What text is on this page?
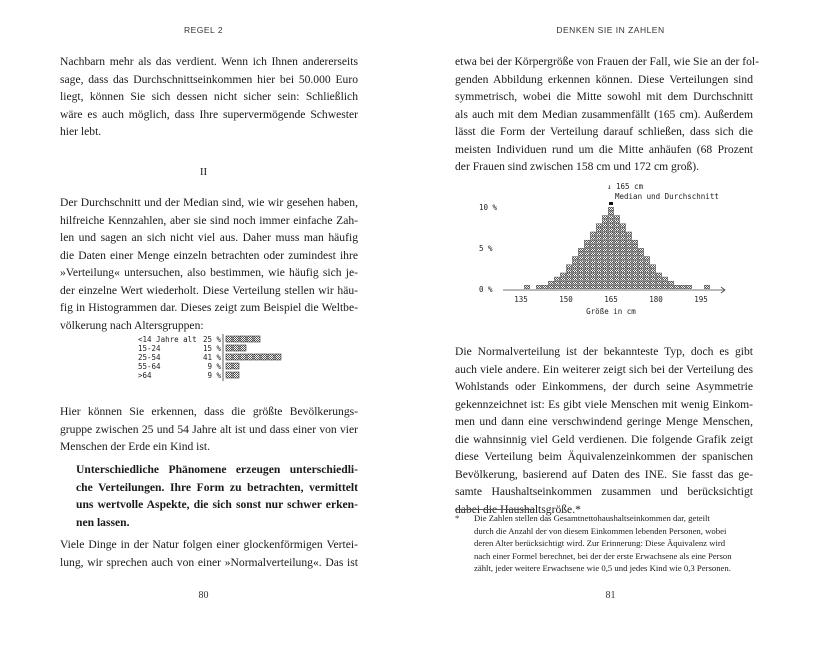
REGEL 2
Nachbarn mehr als das verdient. Wenn ich Ihnen andererseits
sage, dass das Durchschnittseinkommen hier bei 50.000 Euro
liegt, können Sie sich dessen nicht sicher sein: Schließlich
wäre es auch möglich, dass Ihre supervermögende Schwester
hier lebt.
II
Der Durchschnitt und der Median sind, wie wir gesehen haben,
hilfreiche Kennzahlen, aber sie sind noch immer einfache Zah-
len und sagen an sich nicht viel aus. Daher muss man häufig
die Daten einer Menge einzeln betrachten oder zumindest ihre
»Verteilung« untersuchen, also bestimmen, wie häufig sich je-
der einzelne Wert wiederholt. Diese Verteilung stellen wir häu-
fig in Histogrammen dar. Dieses zeigt zum Beispiel die Weltbe-
völkerung nach Altersgruppen:
<14 Jahre alt 25 %
15-24	15 %
25-54	41 %
55-64	9 %
>64	9 %
Hier können Sie erkennen, dass die größte Bevölkerungs-
gruppe zwischen 25 und 54 Jahre alt ist und dass einer von vier
Menschen der Erde ein Kind ist.
Unterschiedliche Phänomene erzeugen unterschiedli-
che Verteilungen. Ihre Form zu betrachten, vermittelt
uns wertvolle Aspekte, die sich sonst nur schwer erken-
nen lassen.
Viele Dinge in der Natur folgen einer glockenförmigen Vertei-
lung, wir sprechen auch von einer »Normalverteilung«. Das ist
80
DENKEN SIE IN ZAHLEN
etwa bei der Körpergröße von Frauen der Fall, wie Sie an der fol-
genden Abbildung erkennen können. Diese Verteilungen sind
symmetrisch, wobei die Mitte sowohl mit dem Durchschnitt
als auch mit dem Median zusammenfällt (165 cm). Außerdem
lässt die Form der Verteilung darauf schließen, dass sich die
meisten Individuen rund um die Mitte anhäufen (68 Prozent
der Frauen sind zwischen 158 cm und 172 cm groß).
0 %
5 %
10 %
135	150	165	180	195
Größe in cm
↓ 165 cm
Median und Durchschnitt
Die Normalverteilung ist der bekannteste Typ, doch es gibt
auch viele andere. Ein weiterer zeigt sich bei der Verteilung des
Wohlstands oder Einkommens, der durch seine Asymmetrie
gekennzeichnet ist: Es gibt viele Menschen mit wenig Einkom-
men und dann eine verschwindend geringe Menge Menschen,
die wahnsinnig viel Geld verdienen. Die folgende Grafik zeigt
diese Verteilung beim Äquivalenzeinkommen der spanischen
Bevölkerung, basierend auf Daten des INE. Sie fasst das ge-
samte Haushaltseinkommen zusammen und berücksichtigt
dabei die Haushaltsgröße.*
* Die Zahlen stellen das Gesamtnettohaushaltseinkommen dar, geteilt
durch die Anzahl der von diesem Einkommen lebenden Personen, wobei
deren Alter berücksichtigt wird. Zur Erinnerung: Diese Äquivalenz wird
nach einer Formel berechnet, bei der der erste Erwachsene als eine Person
zählt, jeder weitere Erwachsene wie 0,5 und jedes Kind wie 0,3 Personen.
81
